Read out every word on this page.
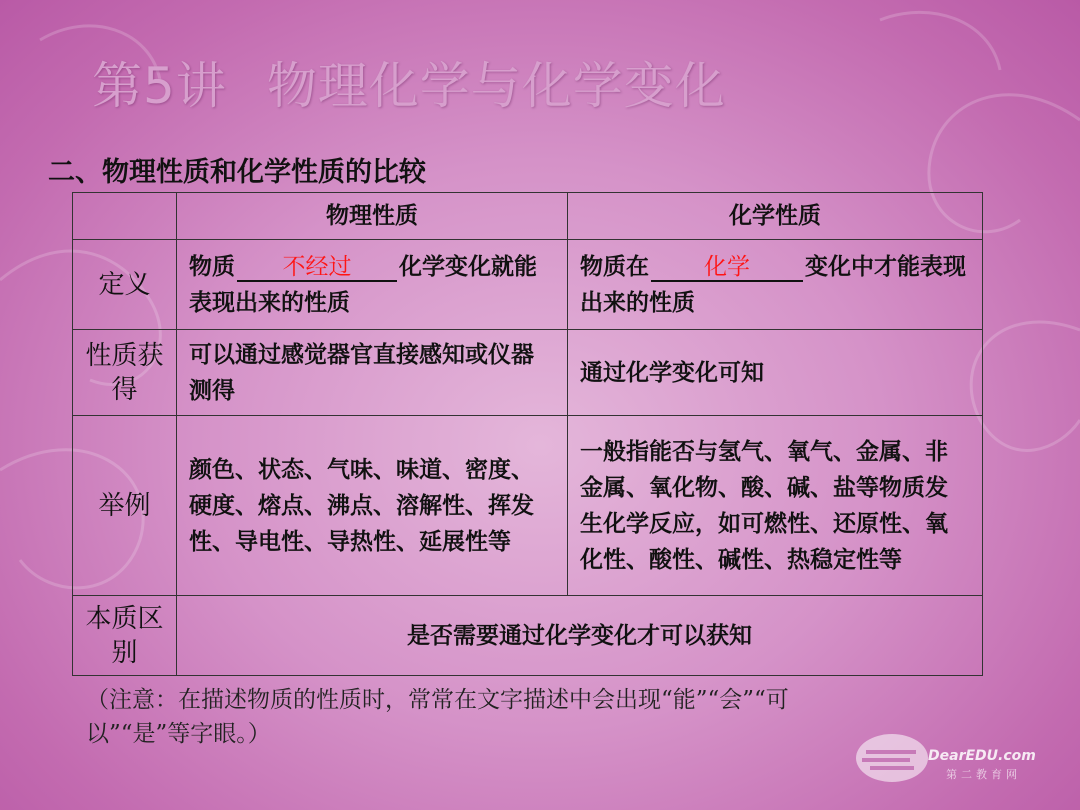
第5讲 物理化学与化学变化
二、物理性质和化学性质的比较
	物理性质	化学性质
定义	物质 不经过 化学变化就能表现出来的性质	物质在 化学 变化中才能表现出来的性质
性质获得	可以通过感觉器官直接感知或仪器测得	通过化学变化可知
举例	颜色、状态、气味、味道、密度、硬度、熔点、沸点、溶解性、挥发性、导电性、导热性、延展性等	一般指能否与氢气、氧气、金属、非金属、氧化物、酸、碱、盐等物质发生化学反应，如可燃性、还原性、氧化性、酸性、碱性、热稳定性等
本质区别	是否需要通过化学变化才可以获知	
（注意：在描述物质的性质时，常常在文字描述中会出现“能”“会”“可以”“是”等字眼。）
DearEDU.com
第二教育网
